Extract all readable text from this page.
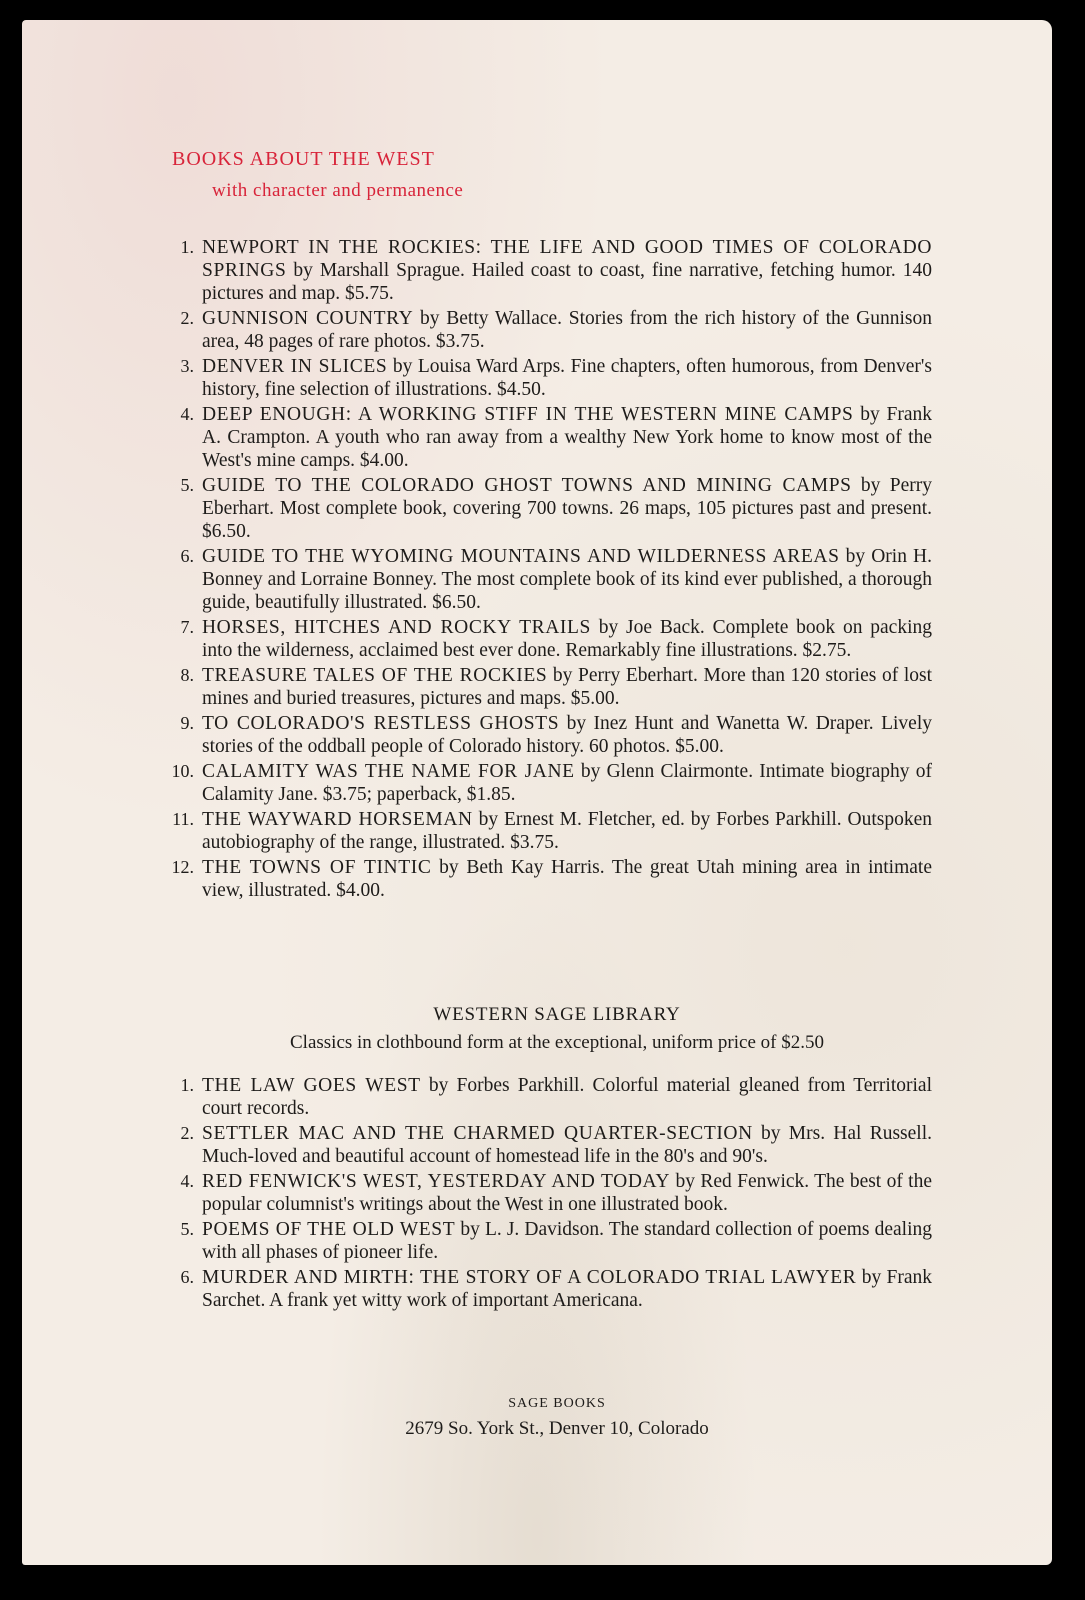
BOOKS ABOUT THE WEST
with character and permanence
1. NEWPORT IN THE ROCKIES: THE LIFE AND GOOD TIMES OF COLORADO SPRINGS by Marshall Sprague. Hailed coast to coast, fine narrative, fetching humor. 140 pictures and map. $5.75.
2. GUNNISON COUNTRY by Betty Wallace. Stories from the rich history of the Gunnison area, 48 pages of rare photos. $3.75.
3. DENVER IN SLICES by Louisa Ward Arps. Fine chapters, often humorous, from Denver's history, fine selection of illustrations. $4.50.
4. DEEP ENOUGH: A WORKING STIFF IN THE WESTERN MINE CAMPS by Frank A. Crampton. A youth who ran away from a wealthy New York home to know most of the West's mine camps. $4.00.
5. GUIDE TO THE COLORADO GHOST TOWNS AND MINING CAMPS by Perry Eberhart. Most complete book, covering 700 towns. 26 maps, 105 pictures past and present. $6.50.
6. GUIDE TO THE WYOMING MOUNTAINS AND WILDERNESS AREAS by Orin H. Bonney and Lorraine Bonney. The most complete book of its kind ever published, a thorough guide, beautifully illustrated. $6.50.
7. HORSES, HITCHES AND ROCKY TRAILS by Joe Back. Complete book on packing into the wilderness, acclaimed best ever done. Remarkably fine illustrations. $2.75.
8. TREASURE TALES OF THE ROCKIES by Perry Eberhart. More than 120 stories of lost mines and buried treasures, pictures and maps. $5.00.
9. TO COLORADO'S RESTLESS GHOSTS by Inez Hunt and Wanetta W. Draper. Lively stories of the oddball people of Colorado history. 60 photos. $5.00.
10. CALAMITY WAS THE NAME FOR JANE by Glenn Clairmonte. Intimate biography of Calamity Jane. $3.75; paperback, $1.85.
11. THE WAYWARD HORSEMAN by Ernest M. Fletcher, ed. by Forbes Parkhill. Outspoken autobiography of the range, illustrated. $3.75.
12. THE TOWNS OF TINTIC by Beth Kay Harris. The great Utah mining area in intimate view, illustrated. $4.00.
WESTERN SAGE LIBRARY
Classics in clothbound form at the exceptional, uniform price of $2.50
1. THE LAW GOES WEST by Forbes Parkhill. Colorful material gleaned from Territorial court records.
2. SETTLER MAC AND THE CHARMED QUARTER-SECTION by Mrs. Hal Russell. Much-loved and beautiful account of homestead life in the 80's and 90's.
4. RED FENWICK'S WEST, YESTERDAY AND TODAY by Red Fenwick. The best of the popular columnist's writings about the West in one illustrated book.
5. POEMS OF THE OLD WEST by L. J. Davidson. The standard collection of poems dealing with all phases of pioneer life.
6. MURDER AND MIRTH: THE STORY OF A COLORADO TRIAL LAWYER by Frank Sarchet. A frank yet witty work of important Americana.
SAGE BOOKS
2679 So. York St., Denver 10, Colorado
